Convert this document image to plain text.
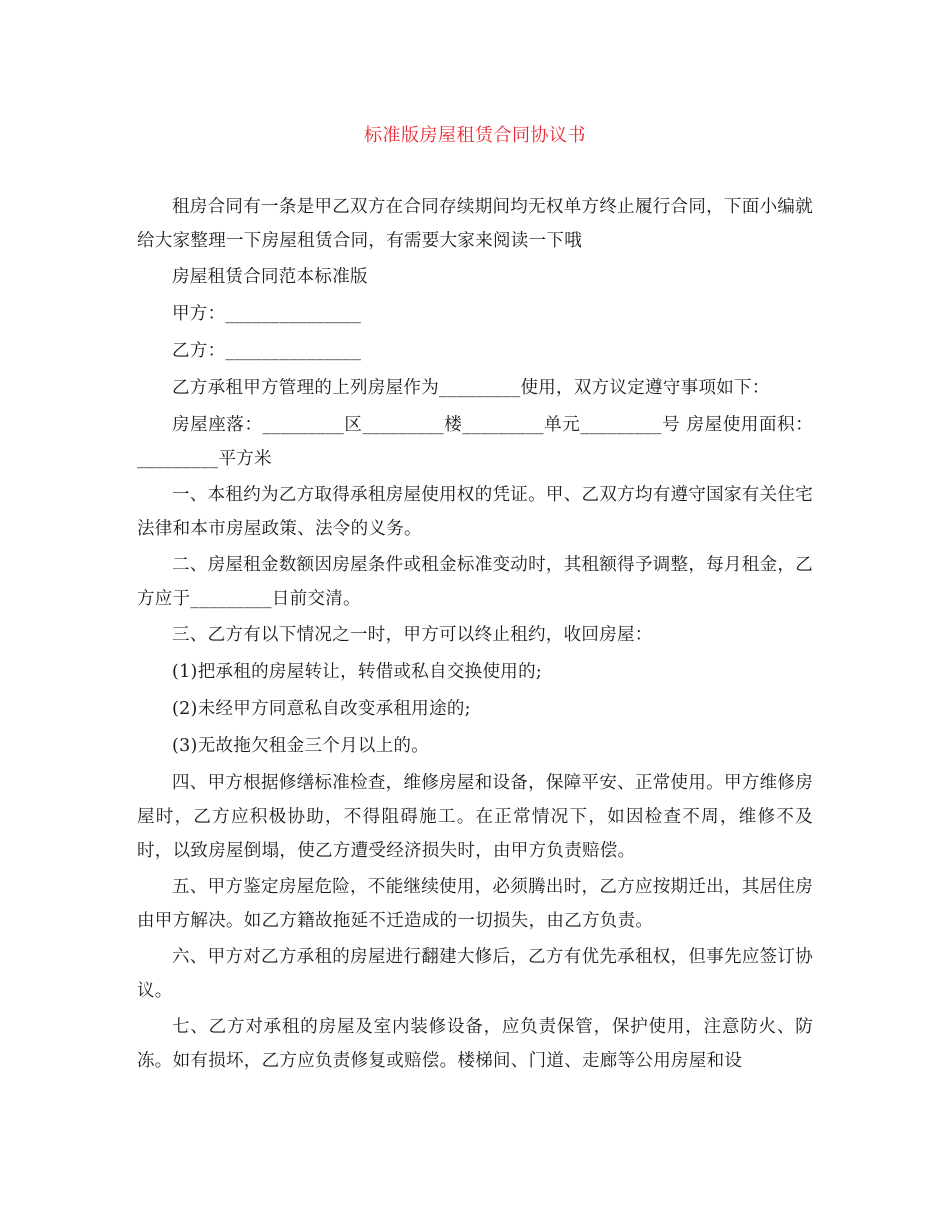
标准版房屋租赁合同协议书

租房合同有一条是甲乙双方在合同存续期间均无权单方终止履行合同，下面小编就给大家整理一下房屋租赁合同，有需要大家来阅读一下哦

房屋租赁合同范本标准版

甲方：_______________

乙方：_______________

乙方承租甲方管理的上列房屋作为_________使用，双方议定遵守事项如下：

房屋座落：_________区_________楼_________单元_________号 房屋使用面积：_________平方米

一、本租约为乙方取得承租房屋使用权的凭证。甲、乙双方均有遵守国家有关住宅法律和本市房屋政策、法令的义务。

二、房屋租金数额因房屋条件或租金标准变动时，其租额得予调整，每月租金，乙方应于_________日前交清。

三、乙方有以下情况之一时，甲方可以终止租约，收回房屋：

(1)把承租的房屋转让，转借或私自交换使用的;

(2)未经甲方同意私自改变承租用途的;

(3)无故拖欠租金三个月以上的。

四、甲方根据修缮标准检查，维修房屋和设备，保障平安、正常使用。甲方维修房屋时，乙方应积极协助，不得阻碍施工。在正常情况下，如因检查不周，维修不及时，以致房屋倒塌，使乙方遭受经济损失时，由甲方负责赔偿。

五、甲方鉴定房屋危险，不能继续使用，必须腾出时，乙方应按期迁出，其居住房由甲方解决。如乙方籍故拖延不迁造成的一切损失，由乙方负责。

六、甲方对乙方承租的房屋进行翻建大修后，乙方有优先承租权，但事先应签订协议。

七、乙方对承租的房屋及室内装修设备，应负责保管，保护使用，注意防火、防冻。如有损坏，乙方应负责修复或赔偿。楼梯间、门道、走廊等公用房屋和设
